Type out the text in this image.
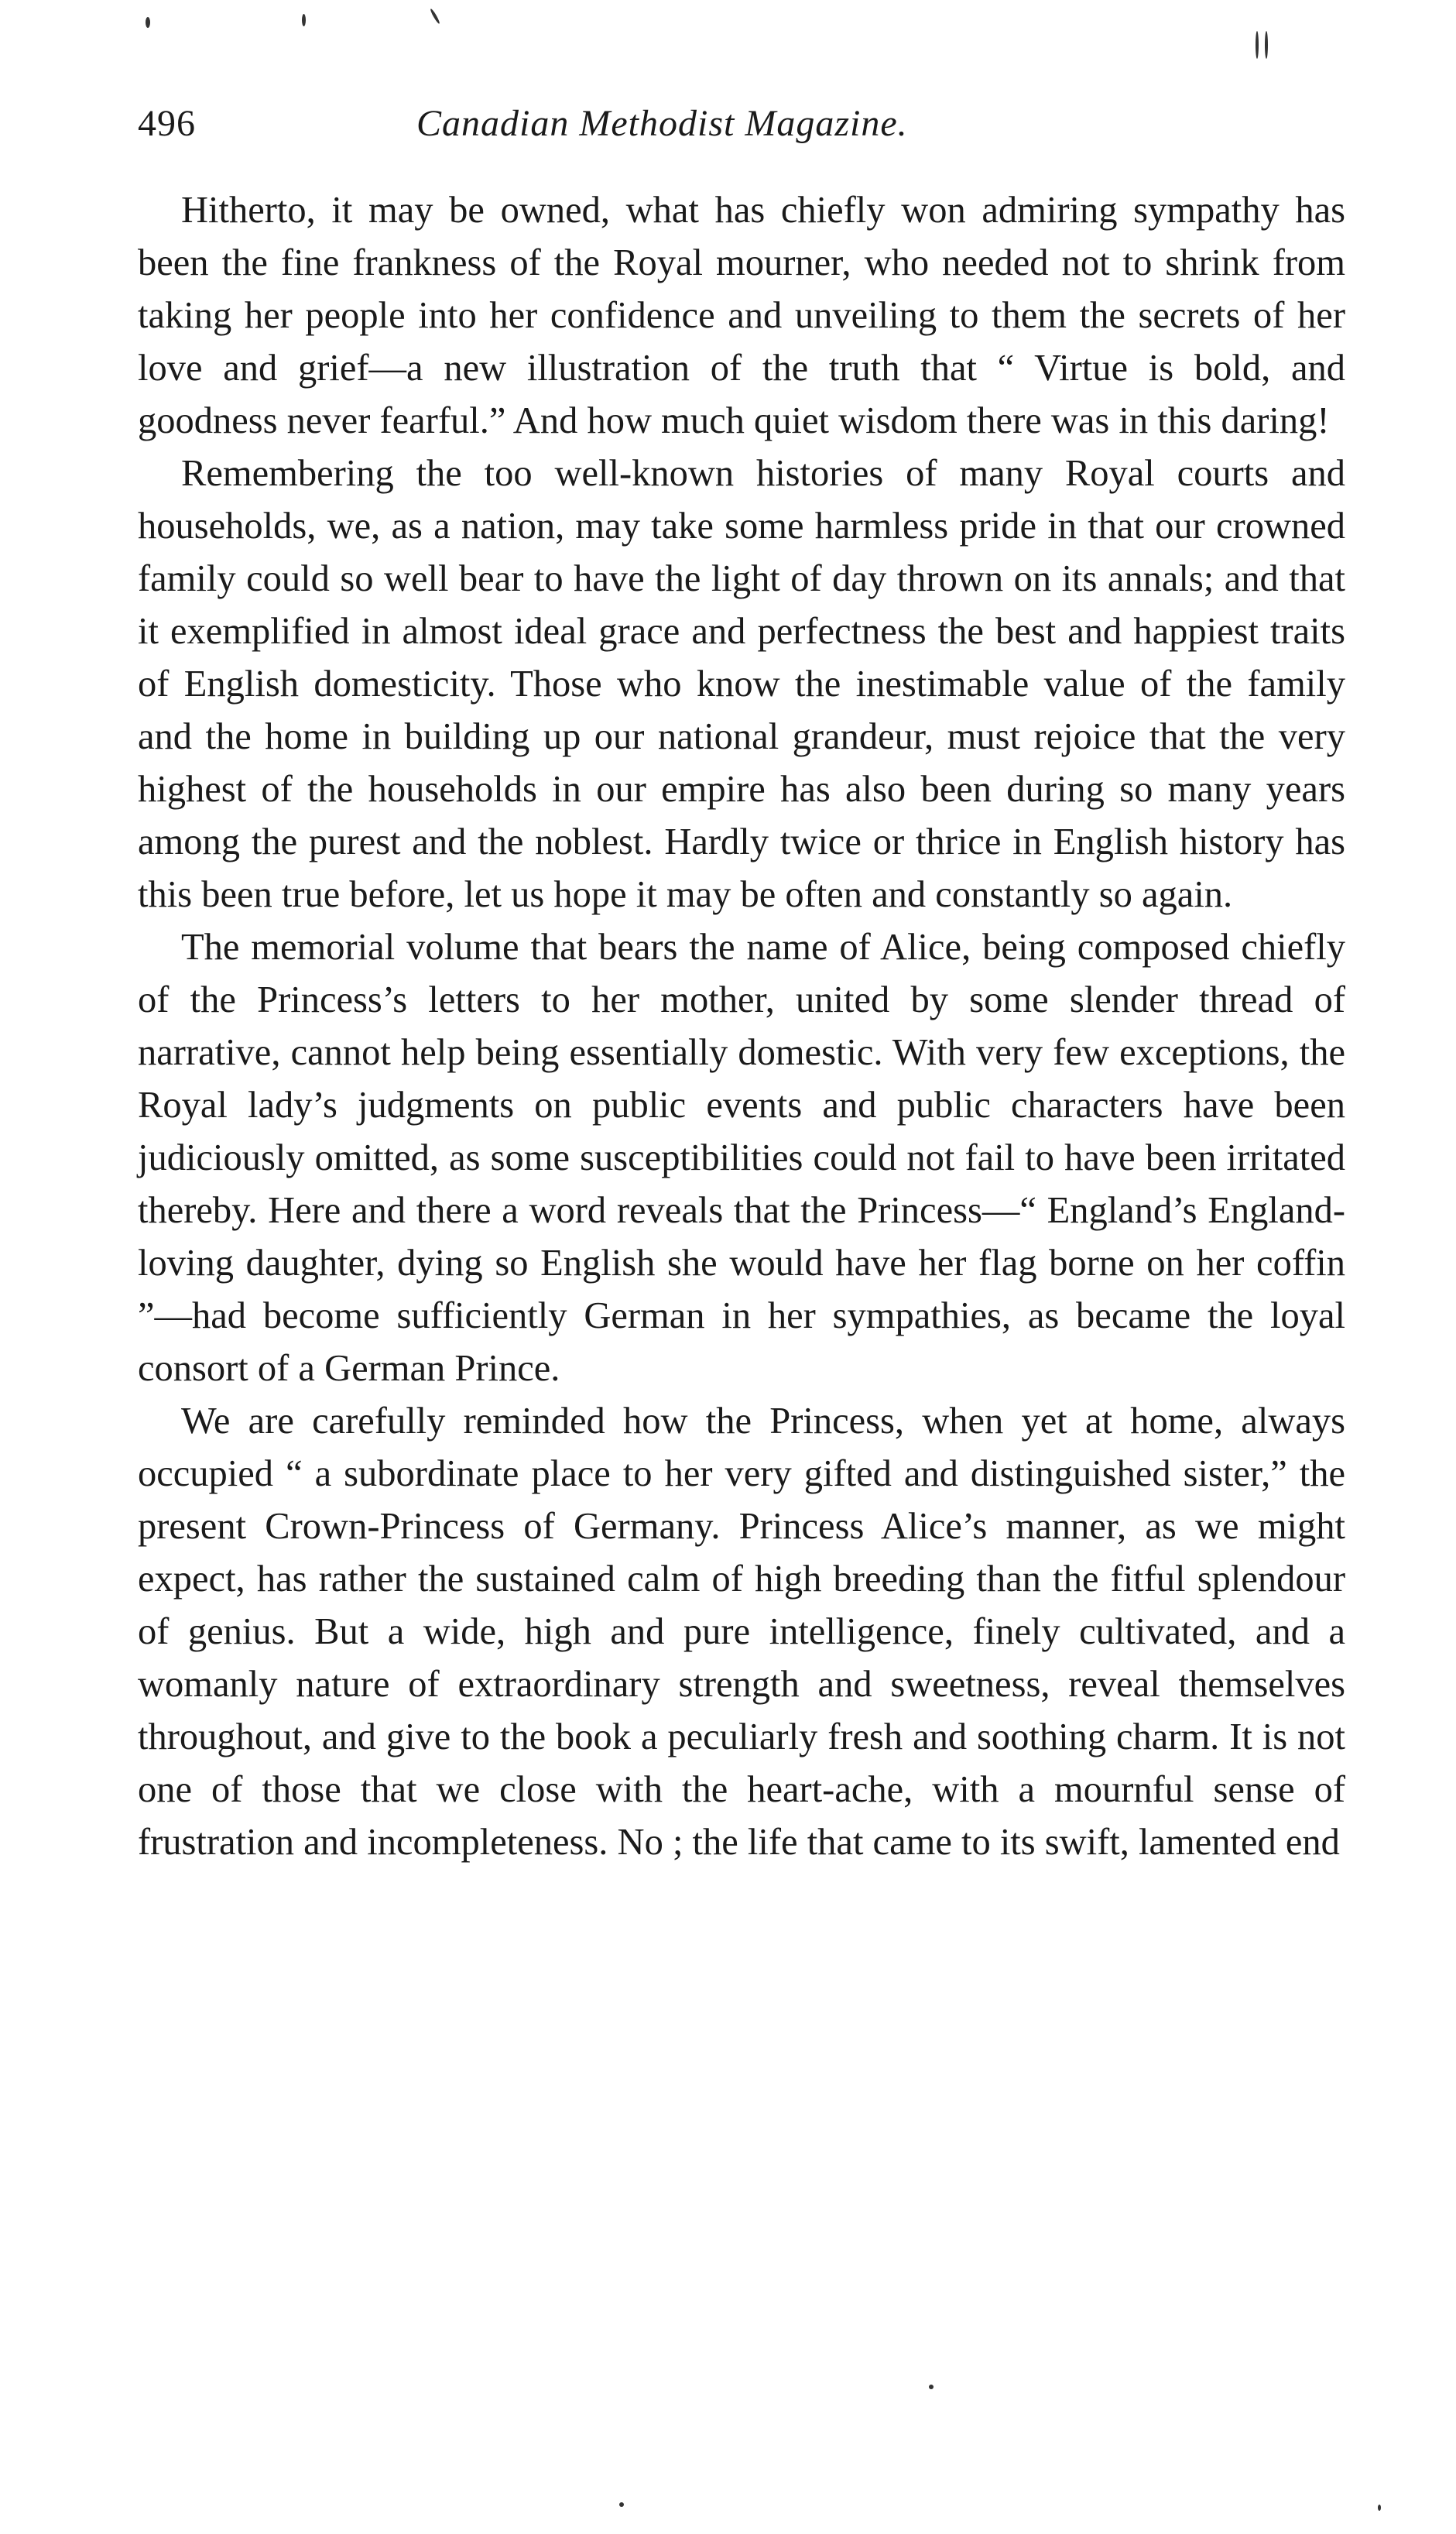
496	Canadian Methodist Magazine.

Hitherto, it may be owned, what has chiefly won admiring sympathy has been the fine frankness of the Royal mourner, who needed not to shrink from taking her people into her confidence and unveiling to them the secrets of her love and grief—a new illustration of the truth that “ Virtue is bold, and goodness never fearful.” And how much quiet wisdom there was in this daring!

Remembering the too well-known histories of many Royal courts and households, we, as a nation, may take some harmless pride in that our crowned family could so well bear to have the light of day thrown on its annals; and that it exemplified in almost ideal grace and perfectness the best and happiest traits of English domesticity. Those who know the inestimable value of the family and the home in building up our national grandeur, must rejoice that the very highest of the households in our empire has also been during so many years among the purest and the noblest. Hardly twice or thrice in English history has this been true before, let us hope it may be often and constantly so again.

The memorial volume that bears the name of Alice, being composed chiefly of the Princess’s letters to her mother, united by some slender thread of narrative, cannot help being essentially domestic. With very few exceptions, the Royal lady’s judgments on public events and public characters have been judiciously omitted, as some susceptibilities could not fail to have been irritated thereby. Here and there a word reveals that the Princess—“ England’s England-loving daughter, dying so English she would have her flag borne on her coffin ”—had become sufficiently German in her sympathies, as became the loyal consort of a German Prince.

We are carefully reminded how the Princess, when yet at home, always occupied “ a subordinate place to her very gifted and distinguished sister,” the present Crown-Princess of Germany. Princess Alice’s manner, as we might expect, has rather the sustained calm of high breeding than the fitful splendour of genius. But a wide, high and pure intelligence, finely cultivated, and a womanly nature of extraordinary strength and sweetness, reveal themselves throughout, and give to the book a peculiarly fresh and soothing charm. It is not one of those that we close with the heart-ache, with a mournful sense of frustration and incompleteness. No ; the life that came to its swift, lamented end
